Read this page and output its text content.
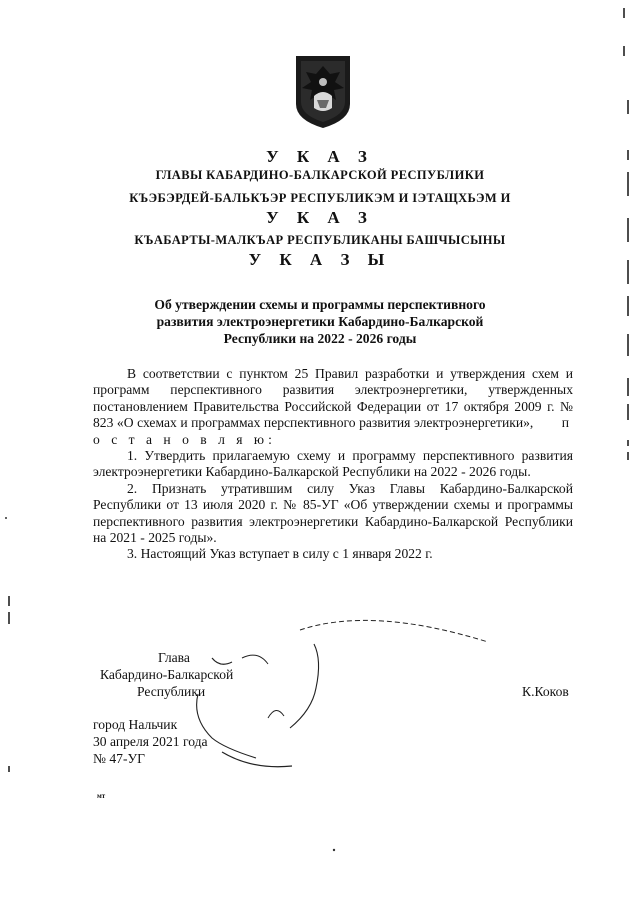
У К А З
ГЛАВЫ КАБАРДИНО-БАЛКАРСКОЙ РЕСПУБЛИКИ
КЪЭБЭРДЕЙ-БАЛЬКЪЭР РЕСПУБЛИКЭМ И ІЭТАЩХЬЭМ И
У К А З
КЪАБАРТЫ-МАЛКЪАР РЕСПУБЛИКАНЫ БАШЧЫСЫНЫ
У К А З Ы
Об утверждении схемы и программы перспективного
развития электроэнергетики Кабардино-Балкарской
Республики на 2022 - 2026 годы

В соответствии с пунктом 25 Правил разработки и утверждения схем и программ перспективного развития электроэнергетики, утвержденных постановлением Правительства Российской Федерации от 17 октября 2009 г. № 823 «О схемах и программах перспективного развития электроэнергетики», п о с т а н о в л я ю:

1. Утвердить прилагаемую схему и программу перспективного развития электроэнергетики Кабардино-Балкарской Республики на 2022 - 2026 годы.

2. Признать утратившим силу Указ Главы Кабардино-Балкарской Республики от 13 июля 2020 г. № 85-УГ «Об утверждении схемы и программы перспективного развития электроэнергетики Кабардино-Балкарской Республики на 2021 - 2025 годы».

3. Настоящий Указ вступает в силу с 1 января 2022 г.

Глава
Кабардино-Балкарской
Республики	К.Коков
город Нальчик
30 апреля 2021 года
№ 47-УГ
мт
